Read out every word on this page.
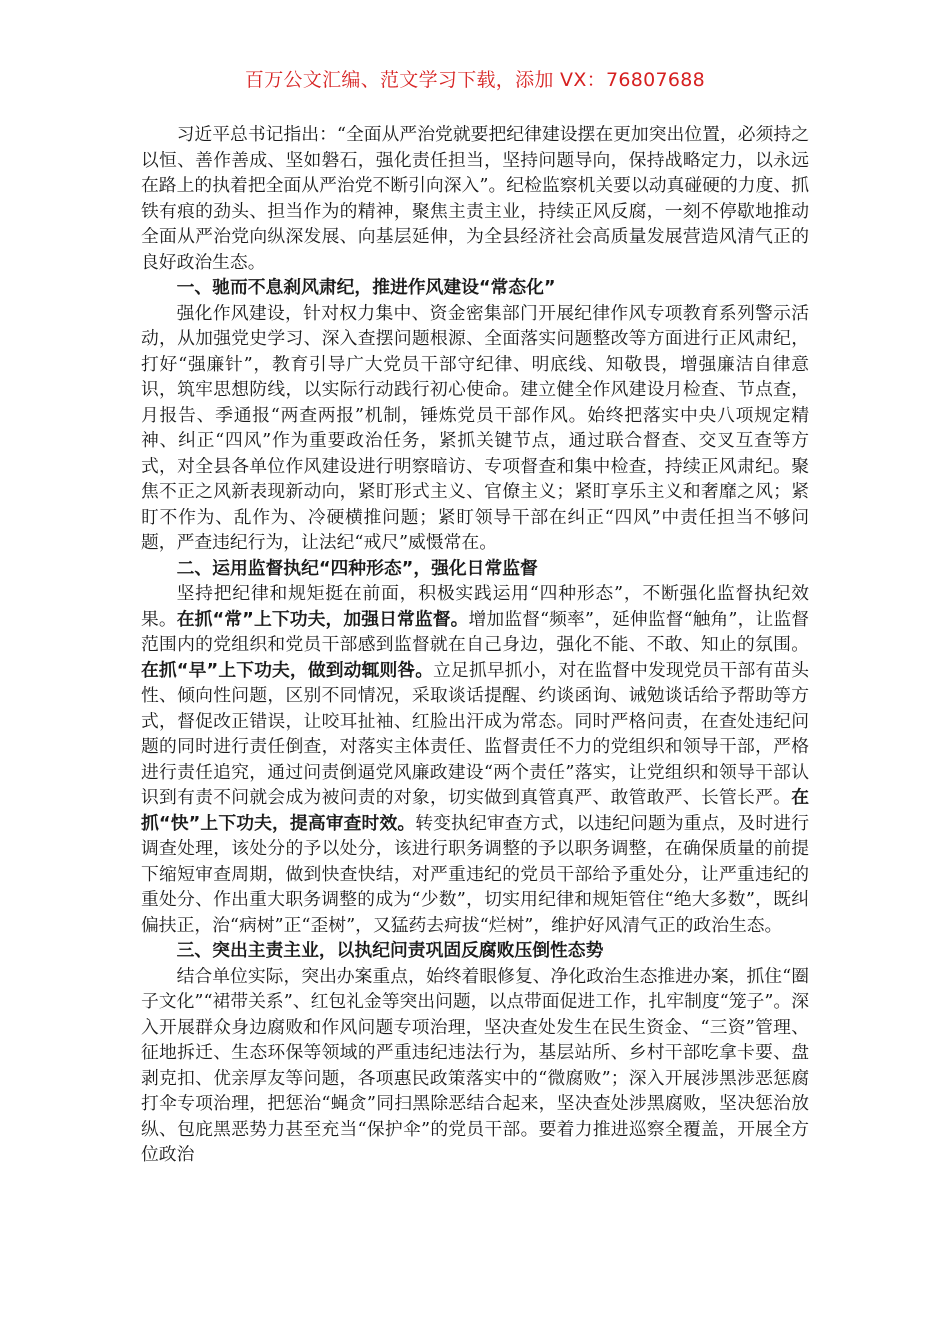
百万公文汇编、范文学习下载，添加 VX：76807688

习近平总书记指出：“全面从严治党就要把纪律建设摆在更加突出位置，必须持之以恒、善作善成、坚如磐石，强化责任担当，坚持问题导向，保持战略定力，以永远在路上的执着把全面从严治党不断引向深入”。纪检监察机关要以动真碰硬的力度、抓铁有痕的劲头、担当作为的精神，聚焦主责主业，持续正风反腐，一刻不停歇地推动全面从严治党向纵深发展、向基层延伸，为全县经济社会高质量发展营造风清气正的良好政治生态。

一、驰而不息刹风肃纪，推进作风建设“常态化”

强化作风建设，针对权力集中、资金密集部门开展纪律作风专项教育系列警示活动，从加强党史学习、深入查摆问题根源、全面落实问题整改等方面进行正风肃纪，打好“强廉针”，教育引导广大党员干部守纪律、明底线、知敬畏，增强廉洁自律意识，筑牢思想防线，以实际行动践行初心使命。建立健全作风建设月检查、节点查，月报告、季通报“两查两报”机制，锤炼党员干部作风。始终把落实中央八项规定精神、纠正“四风”作为重要政治任务，紧抓关键节点，通过联合督查、交叉互查等方式，对全县各单位作风建设进行明察暗访、专项督查和集中检查，持续正风肃纪。聚焦不正之风新表现新动向，紧盯形式主义、官僚主义；紧盯享乐主义和奢靡之风；紧盯不作为、乱作为、冷硬横推问题；紧盯领导干部在纠正“四风”中责任担当不够问题，严查违纪行为，让法纪“戒尺”威慑常在。

二、运用监督执纪“四种形态”，强化日常监督

坚持把纪律和规矩挺在前面，积极实践运用“四种形态”，不断强化监督执纪效果。在抓“常”上下功夫，加强日常监督。增加监督“频率”，延伸监督“触角”，让监督范围内的党组织和党员干部感到监督就在自己身边，强化不能、不敢、知止的氛围。在抓“早”上下功夫，做到动辄则咎。立足抓早抓小，对在监督中发现党员干部有苗头性、倾向性问题，区别不同情况，采取谈话提醒、约谈函询、诫勉谈话给予帮助等方式，督促改正错误，让咬耳扯袖、红脸出汗成为常态。同时严格问责，在查处违纪问题的同时进行责任倒查，对落实主体责任、监督责任不力的党组织和领导干部，严格进行责任追究，通过问责倒逼党风廉政建设“两个责任”落实，让党组织和领导干部认识到有责不问就会成为被问责的对象，切实做到真管真严、敢管敢严、长管长严。在抓“快”上下功夫，提高审查时效。转变执纪审查方式，以违纪问题为重点，及时进行调查处理，该处分的予以处分，该进行职务调整的予以职务调整，在确保质量的前提下缩短审查周期，做到快查快结，对严重违纪的党员干部给予重处分，让严重违纪的重处分、作出重大职务调整的成为“少数”，切实用纪律和规矩管住“绝大多数”，既纠偏扶正，治“病树”正“歪树”，又猛药去疴拔“烂树”，维护好风清气正的政治生态。

三、突出主责主业，以执纪问责巩固反腐败压倒性态势

结合单位实际，突出办案重点，始终着眼修复、净化政治生态推进办案，抓住“圈子文化”“裙带关系”、红包礼金等突出问题，以点带面促进工作，扎牢制度“笼子”。深入开展群众身边腐败和作风问题专项治理，坚决查处发生在民生资金、“三资”管理、征地拆迁、生态环保等领域的严重违纪违法行为，基层站所、乡村干部吃拿卡要、盘剥克扣、优亲厚友等问题，各项惠民政策落实中的“微腐败”；深入开展涉黑涉恶惩腐打伞专项治理，把惩治“蝇贪”同扫黑除恶结合起来，坚决查处涉黑腐败，坚决惩治放纵、包庇黑恶势力甚至充当“保护伞”的党员干部。要着力推进巡察全覆盖，开展全方位政治
